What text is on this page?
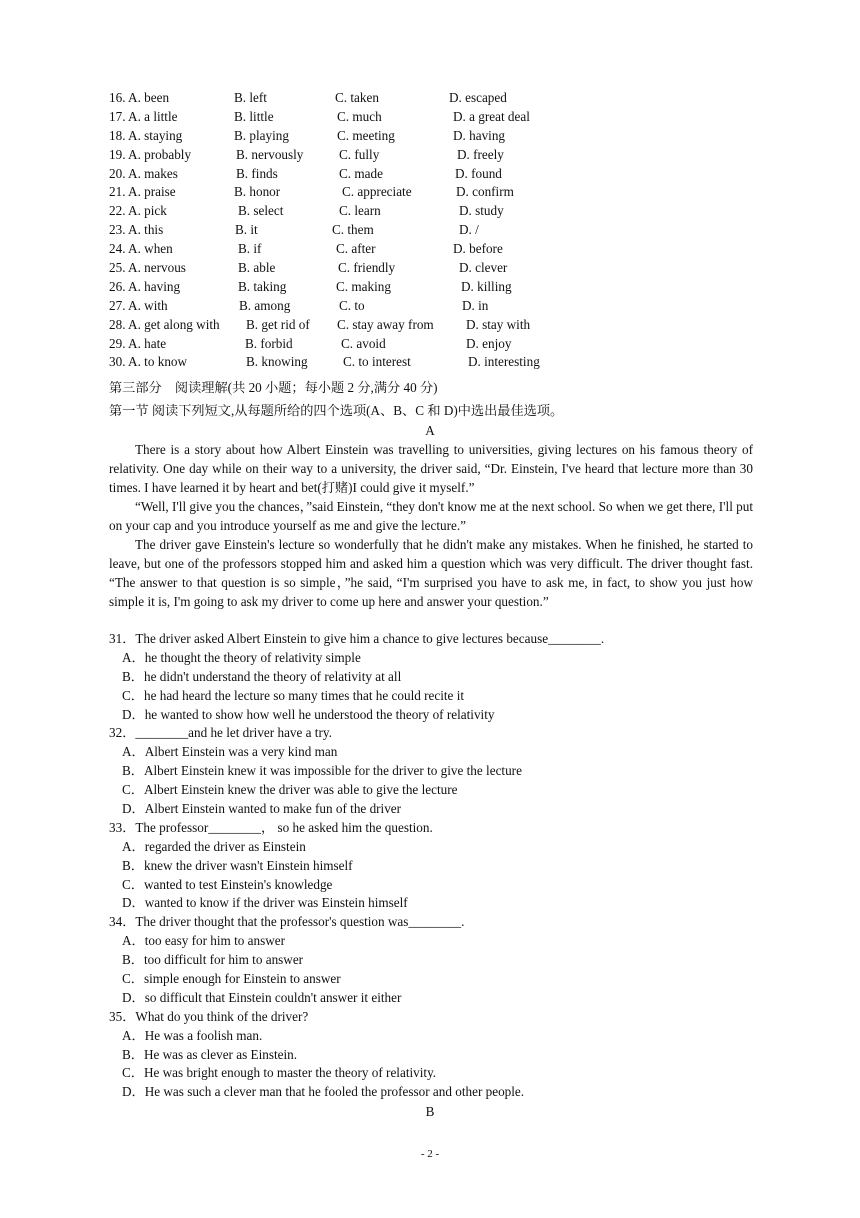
16. A. been	B. left	C. taken	D. escaped
17. A. a little	B. little	C. much	D. a great deal
18. A. staying	B. playing	C. meeting	D. having
19. A. probably	B. nervously	C. fully	D. freely
20. A. makes	B. finds	C. made	D. found
21. A. praise	B. honor	C. appreciate	D. confirm
22. A. pick	B. select	C. learn	D. study
23. A. this	B. it	C. them	D. /
24. A. when	B. if	C. after	D. before
25. A. nervous	B. able	C. friendly	D. clever
26. A. having	B. taking	C. making	D. killing
27. A. with	B. among	C. to	D. in
28. A. get along with B. get rid of C. stay away from D. stay with
29. A. hate	B. forbid	C. avoid	D. enjoy
30. A. to know	B. knowing	C. to interest	D. interesting
第三部分　阅读理解(共 20 小题；每小题 2 分,满分 40 分)
第一节 阅读下列短文,从每题所给的四个选项(A、B、C 和 D)中选出最佳选项。
A

There is a story about how Albert Einstein was travelling to universities, giving lectures on his famous theory of relativity. One day while on their way to a university, the driver said, “Dr. Einstein, I've heard that lecture more than 30 times. I have learned it by heart and bet(打赌)I could give it myself.”

“Well, I'll give you the chances，”said Einstein, “they don't know me at the next school. So when we get there, I'll put on your cap and you introduce yourself as me and give the lecture.”

The driver gave Einstein's lecture so wonderfully that he didn't make any mistakes. When he finished, he started to leave, but one of the professors stopped him and asked him a question which was very difficult. The driver thought fast. “The answer to that question is so simple，”he said, “I'm surprised you have to ask me, in fact, to show you just how simple it is, I'm going to ask my driver to come up here and answer your question.”

31．The driver asked Albert Einstein to give him a chance to give lectures because________.
A．he thought the theory of relativity simple
B．he didn't understand the theory of relativity at all
C．he had heard the lecture so many times that he could recite it
D．he wanted to show how well he understood the theory of relativity
32．________and he let driver have a try.
A．Albert Einstein was a very kind man
B．Albert Einstein knew it was impossible for the driver to give the lecture
C．Albert Einstein knew the driver was able to give the lecture
D．Albert Einstein wanted to make fun of the driver
33．The professor________， so he asked him the question.
A．regarded the driver as Einstein
B．knew the driver wasn't Einstein himself
C．wanted to test Einstein's knowledge
D．wanted to know if the driver was Einstein himself
34．The driver thought that the professor's question was________.
A．too easy for him to answer
B．too difficult for him to answer
C．simple enough for Einstein to answer
D．so difficult that Einstein couldn't answer it either
35．What do you think of the driver?
A．He was a foolish man.
B．He was as clever as Einstein.
C．He was bright enough to master the theory of relativity.
D．He was such a clever man that he fooled the professor and other people.
B
- 2 -
